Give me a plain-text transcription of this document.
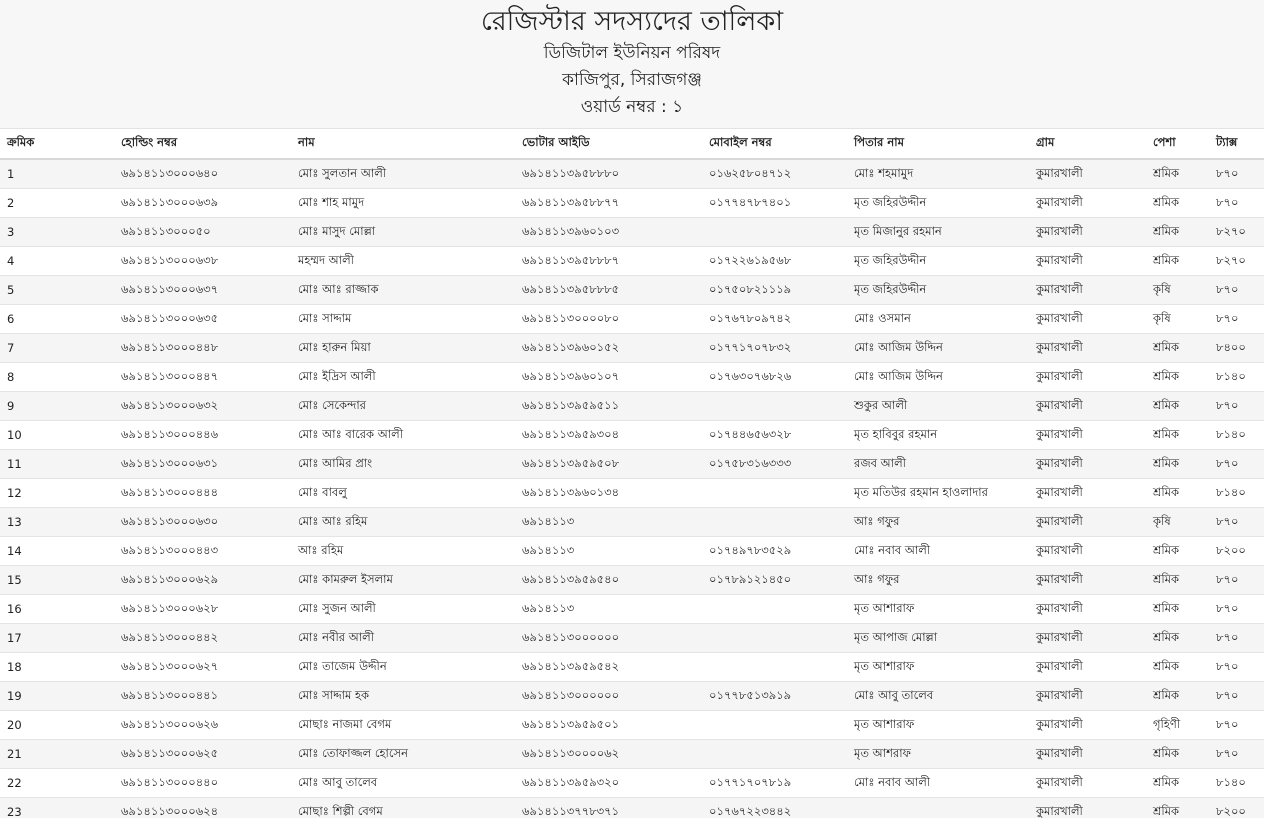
রেজিস্টার সদস্যদের তালিকা
ডিজিটাল ইউনিয়ন পরিষদ
কাজিপুর, সিরাজগঞ্জ
ওয়ার্ড নম্বর : ১
ক্রমিক	হোল্ডিং নম্বর	নাম	ভোটার আইডি	মোবাইল নম্বর	পিতার নাম	গ্রাম	পেশা	ট্যাক্স
1	৬৯১৪১১৩০০০৬৪০	মোঃ সুলতান আলী	৬৯১৪১১৩৯৫৮৮৮০	০১৬২৫৮০৪৭১২	মোঃ শহমামুদ	কুমারখালী	শ্রমিক	৮৭০
2	৬৯১৪১১৩০০০৬৩৯	মোঃ শাহ মামুদ	৬৯১৪১১৩৯৫৮৮৭৭	০১৭৭৪৭৮৭৪০১	মৃত জহিরউদ্দীন	কুমারখালী	শ্রমিক	৮৭০
3	৬৯১৪১১৩০০০৫০	মোঃ মাসুদ মোল্লা	৬৯১৪১১৩৯৬০১০৩		মৃত মিজানুর রহমান	কুমারখালী	শ্রমিক	৮২৭০
4	৬৯১৪১১৩০০০৬৩৮	মহম্মদ আলী	৬৯১৪১১৩৯৫৮৮৮৭	০১৭২২৬১৯৫৬৮	মৃত জহিরউদ্দীন	কুমারখালী	শ্রমিক	৮২৭০
5	৬৯১৪১১৩০০০৬৩৭	মোঃ আঃ রাজ্জাক	৬৯১৪১১৩৯৫৮৮৮৫	০১৭৫০৮২১১১৯	মৃত জহিরউদ্দীন	কুমারখালী	কৃষি	৮৭০
6	৬৯১৪১১৩০০০৬৩৫	মোঃ সাদ্দাম	৬৯১৪১১৩০০০০৮০	০১৭৬৭৮০৯৭৪২	মোঃ ওসমান	কুমারখালী	কৃষি	৮৭০
7	৬৯১৪১১৩০০০৪৪৮	মোঃ হারুন মিয়া	৬৯১৪১১৩৯৬০১৫২	০১৭৭১৭০৭৮৩২	মোঃ আজিম উদ্দিন	কুমারখালী	শ্রমিক	৮৪০০
8	৬৯১৪১১৩০০০৪৪৭	মোঃ ইদ্রিস আলী	৬৯১৪১১৩৯৬০১০৭	০১৭৬৩০৭৬৮২৬	মোঃ আজিম উদ্দিন	কুমারখালী	শ্রমিক	৮১৪০
9	৬৯১৪১১৩০০০৬৩২	মোঃ সেকেন্দার	৬৯১৪১১৩৯৫৯৫১১		শুকুর আলী	কুমারখালী	শ্রমিক	৮৭০
10	৬৯১৪১১৩০০০৪৪৬	মোঃ আঃ বারেক আলী	৬৯১৪১১৩৯৫৯৩০৪	০১৭৪৪৬৫৬৩২৮	মৃত হাবিবুর রহমান	কুমারখালী	শ্রমিক	৮১৪০
11	৬৯১৪১১৩০০০৬৩১	মোঃ আমির প্রাং	৬৯১৪১১৩৯৫৯৫০৮	০১৭৫৮৩১৬৩৩৩	রজব আলী	কুমারখালী	শ্রমিক	৮৭০
12	৬৯১৪১১৩০০০৪৪৪	মোঃ বাবলু	৬৯১৪১১৩৯৬০১৩৪		মৃত মতিউর রহমান হাওলাদার	কুমারখালী	শ্রমিক	৮১৪০
13	৬৯১৪১১৩০০০৬৩০	মোঃ আঃ রহিম	৬৯১৪১১৩		আঃ গফুর	কুমারখালী	কৃষি	৮৭০
14	৬৯১৪১১৩০০০৪৪৩	আঃ রহিম	৬৯১৪১১৩	০১৭৪৯৭৮৩৫২৯	মোঃ নবাব আলী	কুমারখালী	শ্রমিক	৮২০০
15	৬৯১৪১১৩০০০৬২৯	মোঃ কামরুল ইসলাম	৬৯১৪১১৩৯৫৯৫৪০	০১৭৮৯১২১৪৫০	আঃ গফুর	কুমারখালী	শ্রমিক	৮৭০
16	৬৯১৪১১৩০০০৬২৮	মোঃ সুজন আলী	৬৯১৪১১৩		মৃত আশারাফ	কুমারখালী	শ্রমিক	৮৭০
17	৬৯১৪১১৩০০০৪৪২	মোঃ নবীর আলী	৬৯১৪১১৩০০০০০০		মৃত আপাজ মোল্লা	কুমারখালী	শ্রমিক	৮৭০
18	৬৯১৪১১৩০০০৬২৭	মোঃ তাজেম উদ্দীন	৬৯১৪১১৩৯৫৯৫৪২		মৃত আশারাফ	কুমারখালী	শ্রমিক	৮৭০
19	৬৯১৪১১৩০০০৪৪১	মোঃ সাদ্দাম হক	৬৯১৪১১৩০০০০০০	০১৭৭৮৫১৩৯১৯	মোঃ আবু তালেব	কুমারখালী	শ্রমিক	৮৭০
20	৬৯১৪১১৩০০০৬২৬	মোছাঃ নাজমা বেগম	৬৯১৪১১৩৯৫৯৫০১		মৃত আশারাফ	কুমারখালী	গৃহিণী	৮৭০
21	৬৯১৪১১৩০০০৬২৫	মোঃ তোফাজ্জল হোসেন	৬৯১৪১১৩০০০০৬২		মৃত আশরাফ	কুমারখালী	শ্রমিক	৮৭০
22	৬৯১৪১১৩০০০৪৪০	মোঃ আবু তালেব	৬৯১৪১১৩৯৫৯৩২০	০১৭৭১৭০৭৮১৯	মোঃ নবাব আলী	কুমারখালী	শ্রমিক	৮১৪০
23	৬৯১৪১১৩০০০৬২৪	মোছাঃ শিল্পী বেগম	৬৯১৪১১৩৭৭৮৩৭১	০১৭৬৭২২৩৪৪২		কুমারখালী	শ্রমিক	৮২০০
